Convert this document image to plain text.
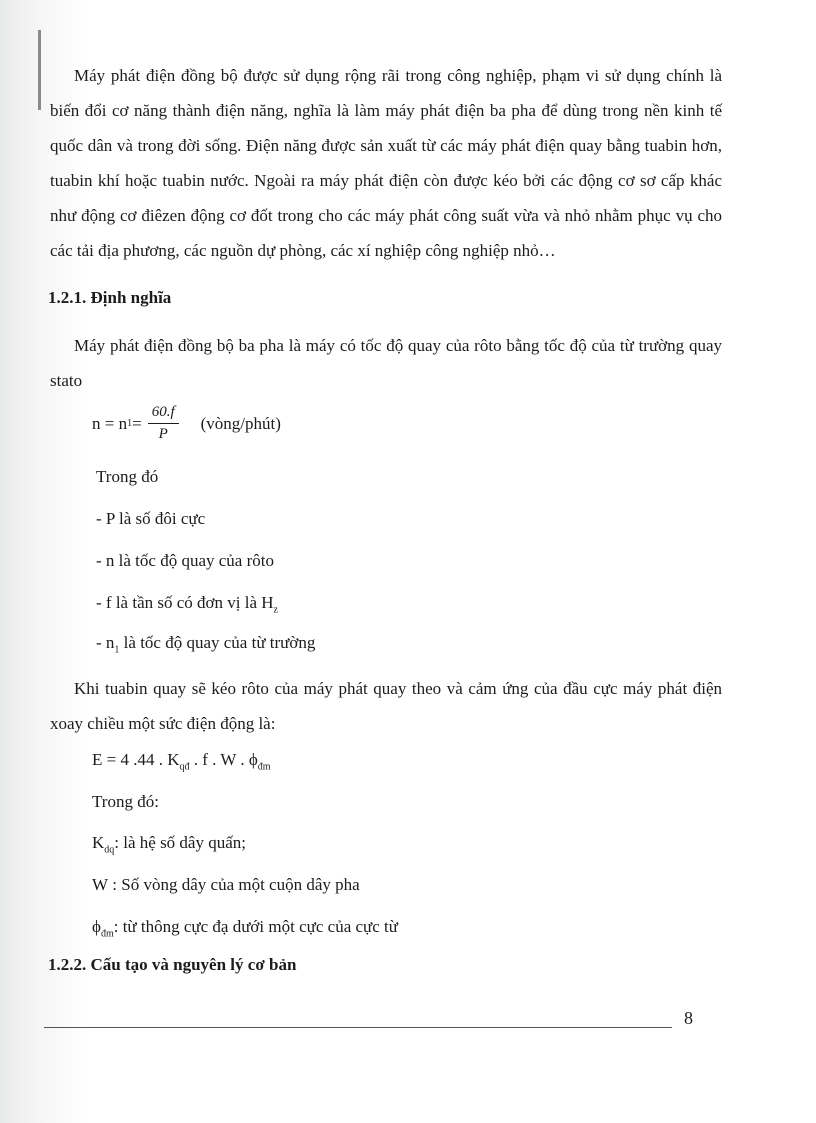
Máy phát điện đồng bộ được sử dụng rộng rãi trong công nghiệp, phạm vi sử dụng chính là biến đổi cơ năng thành điện năng, nghĩa là làm máy phát điện ba pha để dùng trong nền kinh tế quốc dân và trong đời sống. Điện năng được sản xuất từ các máy phát điện quay bằng tuabin hơn, tuabin khí hoặc tuabin nước. Ngoài ra máy phát điện còn được kéo bởi các động cơ sơ cấp khác như động cơ điêzen động cơ đốt trong cho các máy phát công suất vừa và nhỏ nhằm phục vụ cho các tải địa phương, các nguồn dự phòng, các xí nghiệp công nghiệp nhỏ…

1.2.1. Định nghĩa

Máy phát điện đồng bộ ba pha là máy có tốc độ quay của rôto bằng tốc độ của từ trường quay stato

n = n $1 = \frac{60.f}{P}$ (vòng/phút)

Trong đó

- P là số đôi cực

- n là tốc độ quay của rôto

- f là tần số có đơn vị là $H_z$

- $n_1$ là tốc độ quay của từ trường

Khi tuabin quay sẽ kéo rôto của máy phát quay theo và cảm ứng của đầu cực máy phát điện xoay chiều một sức điện động là:

E = 4 .44 . $K_{qđ}$ . f . W . $\phi_{đm}$

Trong đó:

$K_{dq}$: là hệ số dây quấn;

W : Số vòng dây của một cuộn dây pha

$\phi_{đm}$: từ thông cực đạ dưới một cực của cực từ

1.2.2. Cấu tạo và nguyên lý cơ bản

8
